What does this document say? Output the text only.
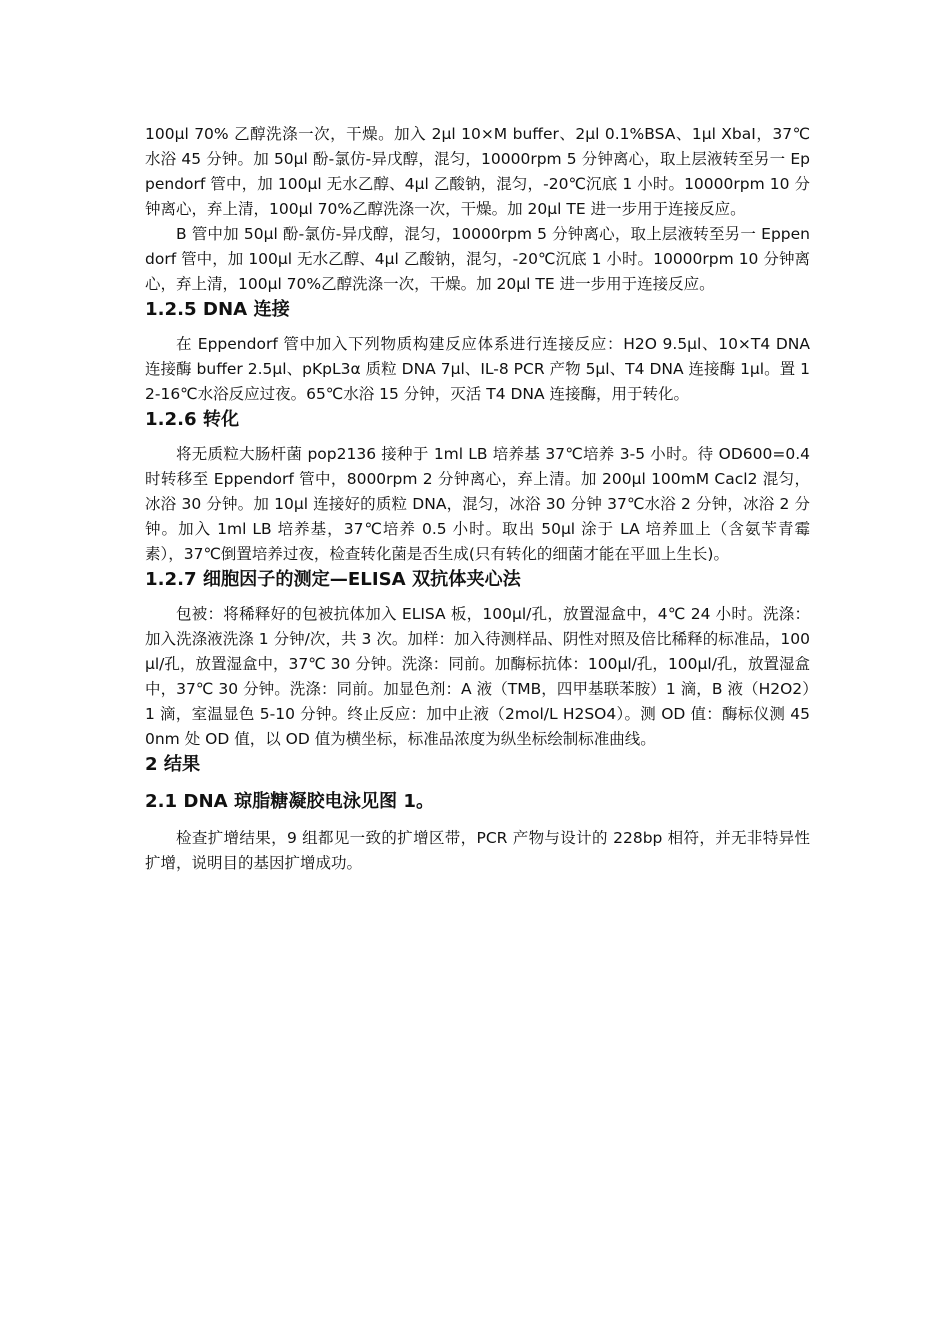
100μl 70% 乙醇洗涤一次，干燥。加入 2μl 10×M buffer、2μl 0.1%BSA、1μl XbaI，37℃水浴 45 分钟。加 50μl 酚-氯仿-异戊醇，混匀，10000rpm 5 分钟离心，取上层液转至另一 Eppendorf 管中，加 100μl 无水乙醇、4μl 乙酸钠，混匀，-20℃沉底 1 小时。10000rpm 10 分钟离心，弃上清，100μl 70%乙醇洗涤一次，干燥。加 20μl TE 进一步用于连接反应。

B 管中加 50μl 酚-氯仿-异戊醇，混匀，10000rpm 5 分钟离心，取上层液转至另一 Eppendorf 管中，加 100μl 无水乙醇、4μl 乙酸钠，混匀，-20℃沉底 1 小时。10000rpm 10 分钟离心，弃上清，100μl 70%乙醇洗涤一次，干燥。加 20μl TE 进一步用于连接反应。

1.2.5 DNA 连接

在 Eppendorf 管中加入下列物质构建反应体系进行连接反应：H2O 9.5μl、10×T4 DNA 连接酶 buffer 2.5μl、pKpL3α 质粒 DNA 7μl、IL-8 PCR 产物 5μl、T4 DNA 连接酶 1μl。置 12-16℃水浴反应过夜。65℃水浴 15 分钟，灭活 T4 DNA 连接酶，用于转化。

1.2.6 转化

将无质粒大肠杆菌 pop2136 接种于 1ml LB 培养基 37℃培养 3-5 小时。待 OD600=0.4 时转移至 Eppendorf 管中，8000rpm 2 分钟离心，弃上清。加 200μl 100mM Cacl2 混匀，冰浴 30 分钟。加 10μl 连接好的质粒 DNA，混匀，冰浴 30 分钟 37℃水浴 2 分钟，冰浴 2 分钟。加入 1ml LB 培养基，37℃培养 0.5 小时。取出 50μl 涂于 LA 培养皿上（含氨苄青霉素），37℃倒置培养过夜，检查转化菌是否生成(只有转化的细菌才能在平皿上生长)。

1.2.7 细胞因子的测定—ELISA 双抗体夹心法

包被：将稀释好的包被抗体加入 ELISA 板，100μl/孔，放置湿盒中，4℃ 24 小时。洗涤：加入洗涤液洗涤 1 分钟/次，共 3 次。加样：加入待测样品、阴性对照及倍比稀释的标准品，100μl/孔，放置湿盒中，37℃ 30 分钟。洗涤：同前。加酶标抗体：100μl/孔，100μl/孔，放置湿盒中，37℃ 30 分钟。洗涤：同前。加显色剂：A 液（TMB，四甲基联苯胺）1 滴，B 液（H2O2）1 滴，室温显色 5-10 分钟。终止反应：加中止液（2mol/L H2SO4）。测 OD 值：酶标仪测 450nm 处 OD 值，以 OD 值为横坐标，标准品浓度为纵坐标绘制标准曲线。

2 结果
2.1 DNA 琼脂糖凝胶电泳见图 1。

检查扩增结果，9 组都见一致的扩增区带，PCR 产物与设计的 228bp 相符，并无非特异性扩增，说明目的基因扩增成功。
